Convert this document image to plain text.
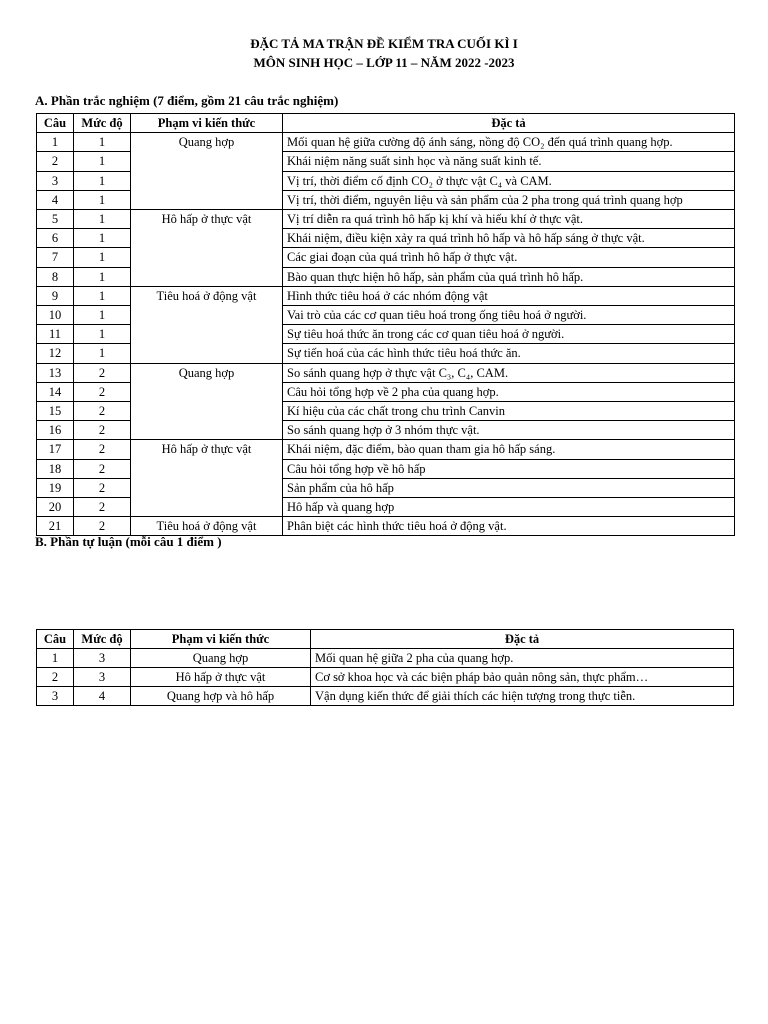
ĐẶC TẢ MA TRẬN ĐỀ KIỂM TRA CUỐI KÌ I
MÔN SINH HỌC – LỚP 11 – NĂM 2022 -2023
A. Phần trắc nghiệm (7 điểm, gồm 21 câu trắc nghiệm)
Câu	Mức độ	Phạm vi kiến thức	Đặc tả
1	1	Quang hợp	Mối quan hệ giữa cường độ ánh sáng, nồng độ CO₂ đến quá trình quang hợp.
2	1		Khái niệm năng suất sinh học và năng suất kinh tế.
3	1		Vị trí, thời điểm cố định CO₂ ở thực vật C₄ và CAM.
4	1		Vị trí, thời điểm, nguyên liệu và sản phẩm của 2 pha trong quá trình quang hợp
5	1	Hô hấp ở thực vật	Vị trí diễn ra quá trình hô hấp kị khí và hiếu khí ở thực vật.
6	1		Khái niệm, điều kiện xảy ra quá trình hô hấp và hô hấp sáng ở thực vật.
7	1		Các giai đoạn của quá trình hô hấp ở thực vật.
8	1		Bào quan thực hiện hô hấp, sản phẩm của quá trình hô hấp.
9	1	Tiêu hoá ở động vật	Hình thức tiêu hoá ở các nhóm động vật
10	1		Vai trò của các cơ quan tiêu hoá trong ống tiêu hoá ở người.
11	1		Sự tiêu hoá thức ăn trong các cơ quan tiêu hoá ở người.
12	1		Sự tiến hoá của các hình thức tiêu hoá thức ăn.
13	2	Quang hợp	So sánh quang hợp ở thực vật C₃, C₄, CAM.
14	2		Câu hỏi tổng hợp về 2 pha của quang hợp.
15	2		Kí hiệu của các chất trong chu trình Canvin
16	2		So sánh quang hợp ở 3 nhóm thực vật.
17	2	Hô hấp ở thực vật	Khái niệm, đặc điểm, bào quan tham gia hô hấp sáng.
18	2		Câu hỏi tổng hợp về hô hấp
19	2		Sản phẩm của hô hấp
20	2		Hô hấp và quang hợp
21	2	Tiêu hoá ở động vật	Phân biệt các hình thức tiêu hoá ở động vật.
B. Phần tự luận (mỗi câu 1 điểm )
Câu	Mức độ	Phạm vi kiến thức	Đặc tả
1	3	Quang hợp	Mối quan hệ giữa 2 pha của quang hợp.
2	3	Hô hấp ở thực vật	Cơ sở khoa học và các biện pháp bảo quản nông sản, thực phẩm…
3	4	Quang hợp và hô hấp	Vận dụng kiến thức để giải thích các hiện tượng trong thực tiễn.
